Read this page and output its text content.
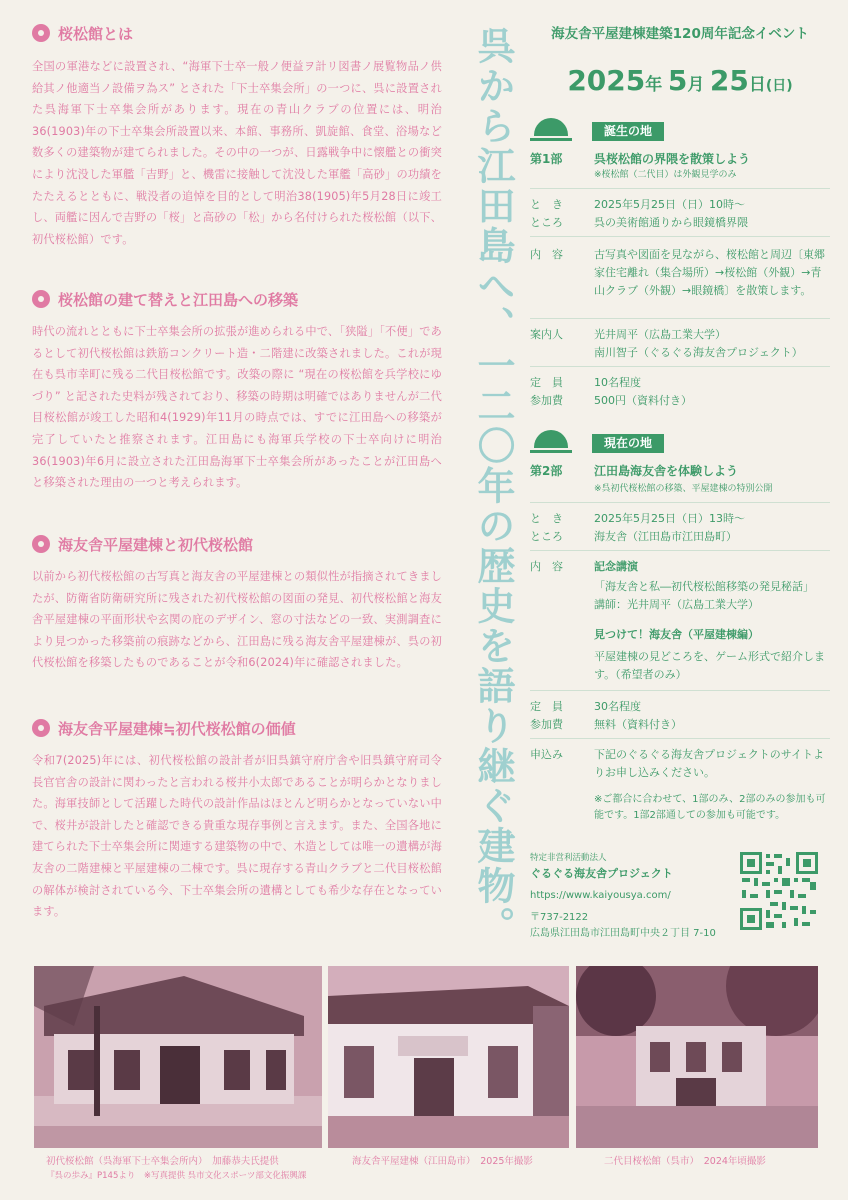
桜松館とは

全国の軍港などに設置され、“海軍下士卒一般ノ便益ヲ計リ図書ノ展覧物品ノ供給其ノ他適当ノ設備ヲ為ス” とされた「下士卒集会所」の一つに、呉に設置された呉海軍下士卒集会所があります。現在の青山クラブの位置には、明治36(1903)年の下士卒集会所設置以来、本館、事務所、凱旋館、食堂、浴場など数多くの建築物が建てられました。その中の一つが、日露戦争中に懐艦との衝突により沈没した軍艦「吉野」と、機雷に接触して沈没した軍艦「高砂」の功績をたたえるとともに、戦没者の追悼を目的として明治38(1905)年5月28日に竣工し、両艦に因んで吉野の「桜」と高砂の「松」から名付けられた桜松館（以下、初代桜松館）です。

桜松館の建て替えと江田島への移築

時代の流れとともに下士卒集会所の拡張が進められる中で、「狭隘」「不便」であるとして初代桜松館は鉄筋コンクリート造・二階建に改築されました。これが現在も呉市幸町に残る二代目桜松館です。改築の際に “現在の桜松館を兵学校にゆづり” と記された史料が残されており、移築の時期は明確ではありませんが二代目桜松館が竣工した昭和4(1929)年11月の時点では、すでに江田島への移築が完了していたと推察されます。江田島にも海軍兵学校の下士卒向けに明治36(1903)年6月に設立された江田島海軍下士卒集会所があったことが江田島へと移築された理由の一つと考えられます。

海友舎平屋建棟と初代桜松館

以前から初代桜松館の古写真と海友舎の平屋建棟との類似性が指摘されてきましたが、防衛省防衛研究所に残された初代桜松館の図面の発見、初代桜松館と海友舎平屋建棟の平面形状や玄関の庇のデザイン、窓の寸法などの一致、実測調査により見つかった移築前の痕跡などから、江田島に残る海友舎平屋建棟が、呉の初代桜松館を移築したものであることが令和6(2024)年に確認されました。

海友舎平屋建棟≒初代桜松館の価値

令和7(2025)年には、初代桜松館の設計者が旧呉鎮守府庁舎や旧呉鎮守府司令長官官舎の設計に関わったと言われる桜井小太郎であることが明らかとなりました。海軍技師として活躍した時代の設計作品はほとんど明らかとなっていない中で、桜井が設計したと確認できる貴重な現存事例と言えます。また、全国各地に建てられた下士卒集会所に関連する建築物の中で、木造としては唯一の遺構が海友舎の二階建棟と平屋建棟の二棟です。呉に現存する青山クラブと二代目桜松館の解体が検討されている今、下士卒集会所の遺構としても希少な存在となっています。	呉から江田島へ、一二〇年の歴史を語り継ぐ建物。	海友舎平屋建棟建築120周年記念イベント
2025年 5月 25日(日)
誕生の地
第1部	呉桜松館の界隈を散策しよう
※桜松館（二代目）は外観見学のみ
と　き	2025年5月25日（日）10時～
ところ	呉の美術館通りから眼鏡橋界隈
内　容	古写真や図面を見ながら、桜松館と周辺〔東郷家住宅離れ（集合場所）→桜松館（外観）→青山クラブ（外観）→眼鏡橋〕を散策します。
案内人	光井周平（広島工業大学）
南川智子（ぐるぐる海友舎プロジェクト）
定　員	10名程度
参加費	500円（資料付き）
現在の地
第2部	江田島海友舎を体験しよう
※呉初代桜松館の移築、平屋建棟の特別公開
と　き	2025年5月25日（日）13時～
ところ	海友舎（江田島市江田島町）
内　容	記念講演
「海友舎と私―初代桜松館移築の発見秘話」
講師：光井周平（広島工業大学）
見つけて！海友舎（平屋建棟編）
平屋建棟の見どころを、ゲーム形式で紹介します。（希望者のみ）
定　員	30名程度
参加費	無料（資料付き）
申込み	下記のぐるぐる海友舎プロジェクトのサイトよりお申し込みください。
※ご都合に合わせて、1部のみ、2部のみの参加も可能です。1部2部通しての参加も可能です。
特定非営利活動法人
ぐるぐる海友舎プロジェクト
https://www.kaiyousya.com/
〒737-2122
広島県江田島市江田島町中央２丁目 7-10
初代桜松館（呉海軍下士卒集会所内）　加藤恭夫氏提供
『呉の歩み』P145より　※写真提供 呉市文化スポーツ部文化振興課
海友舎平屋建棟（江田島市）　2025年撮影	二代目桜松館（呉市）　2024年頃撮影
